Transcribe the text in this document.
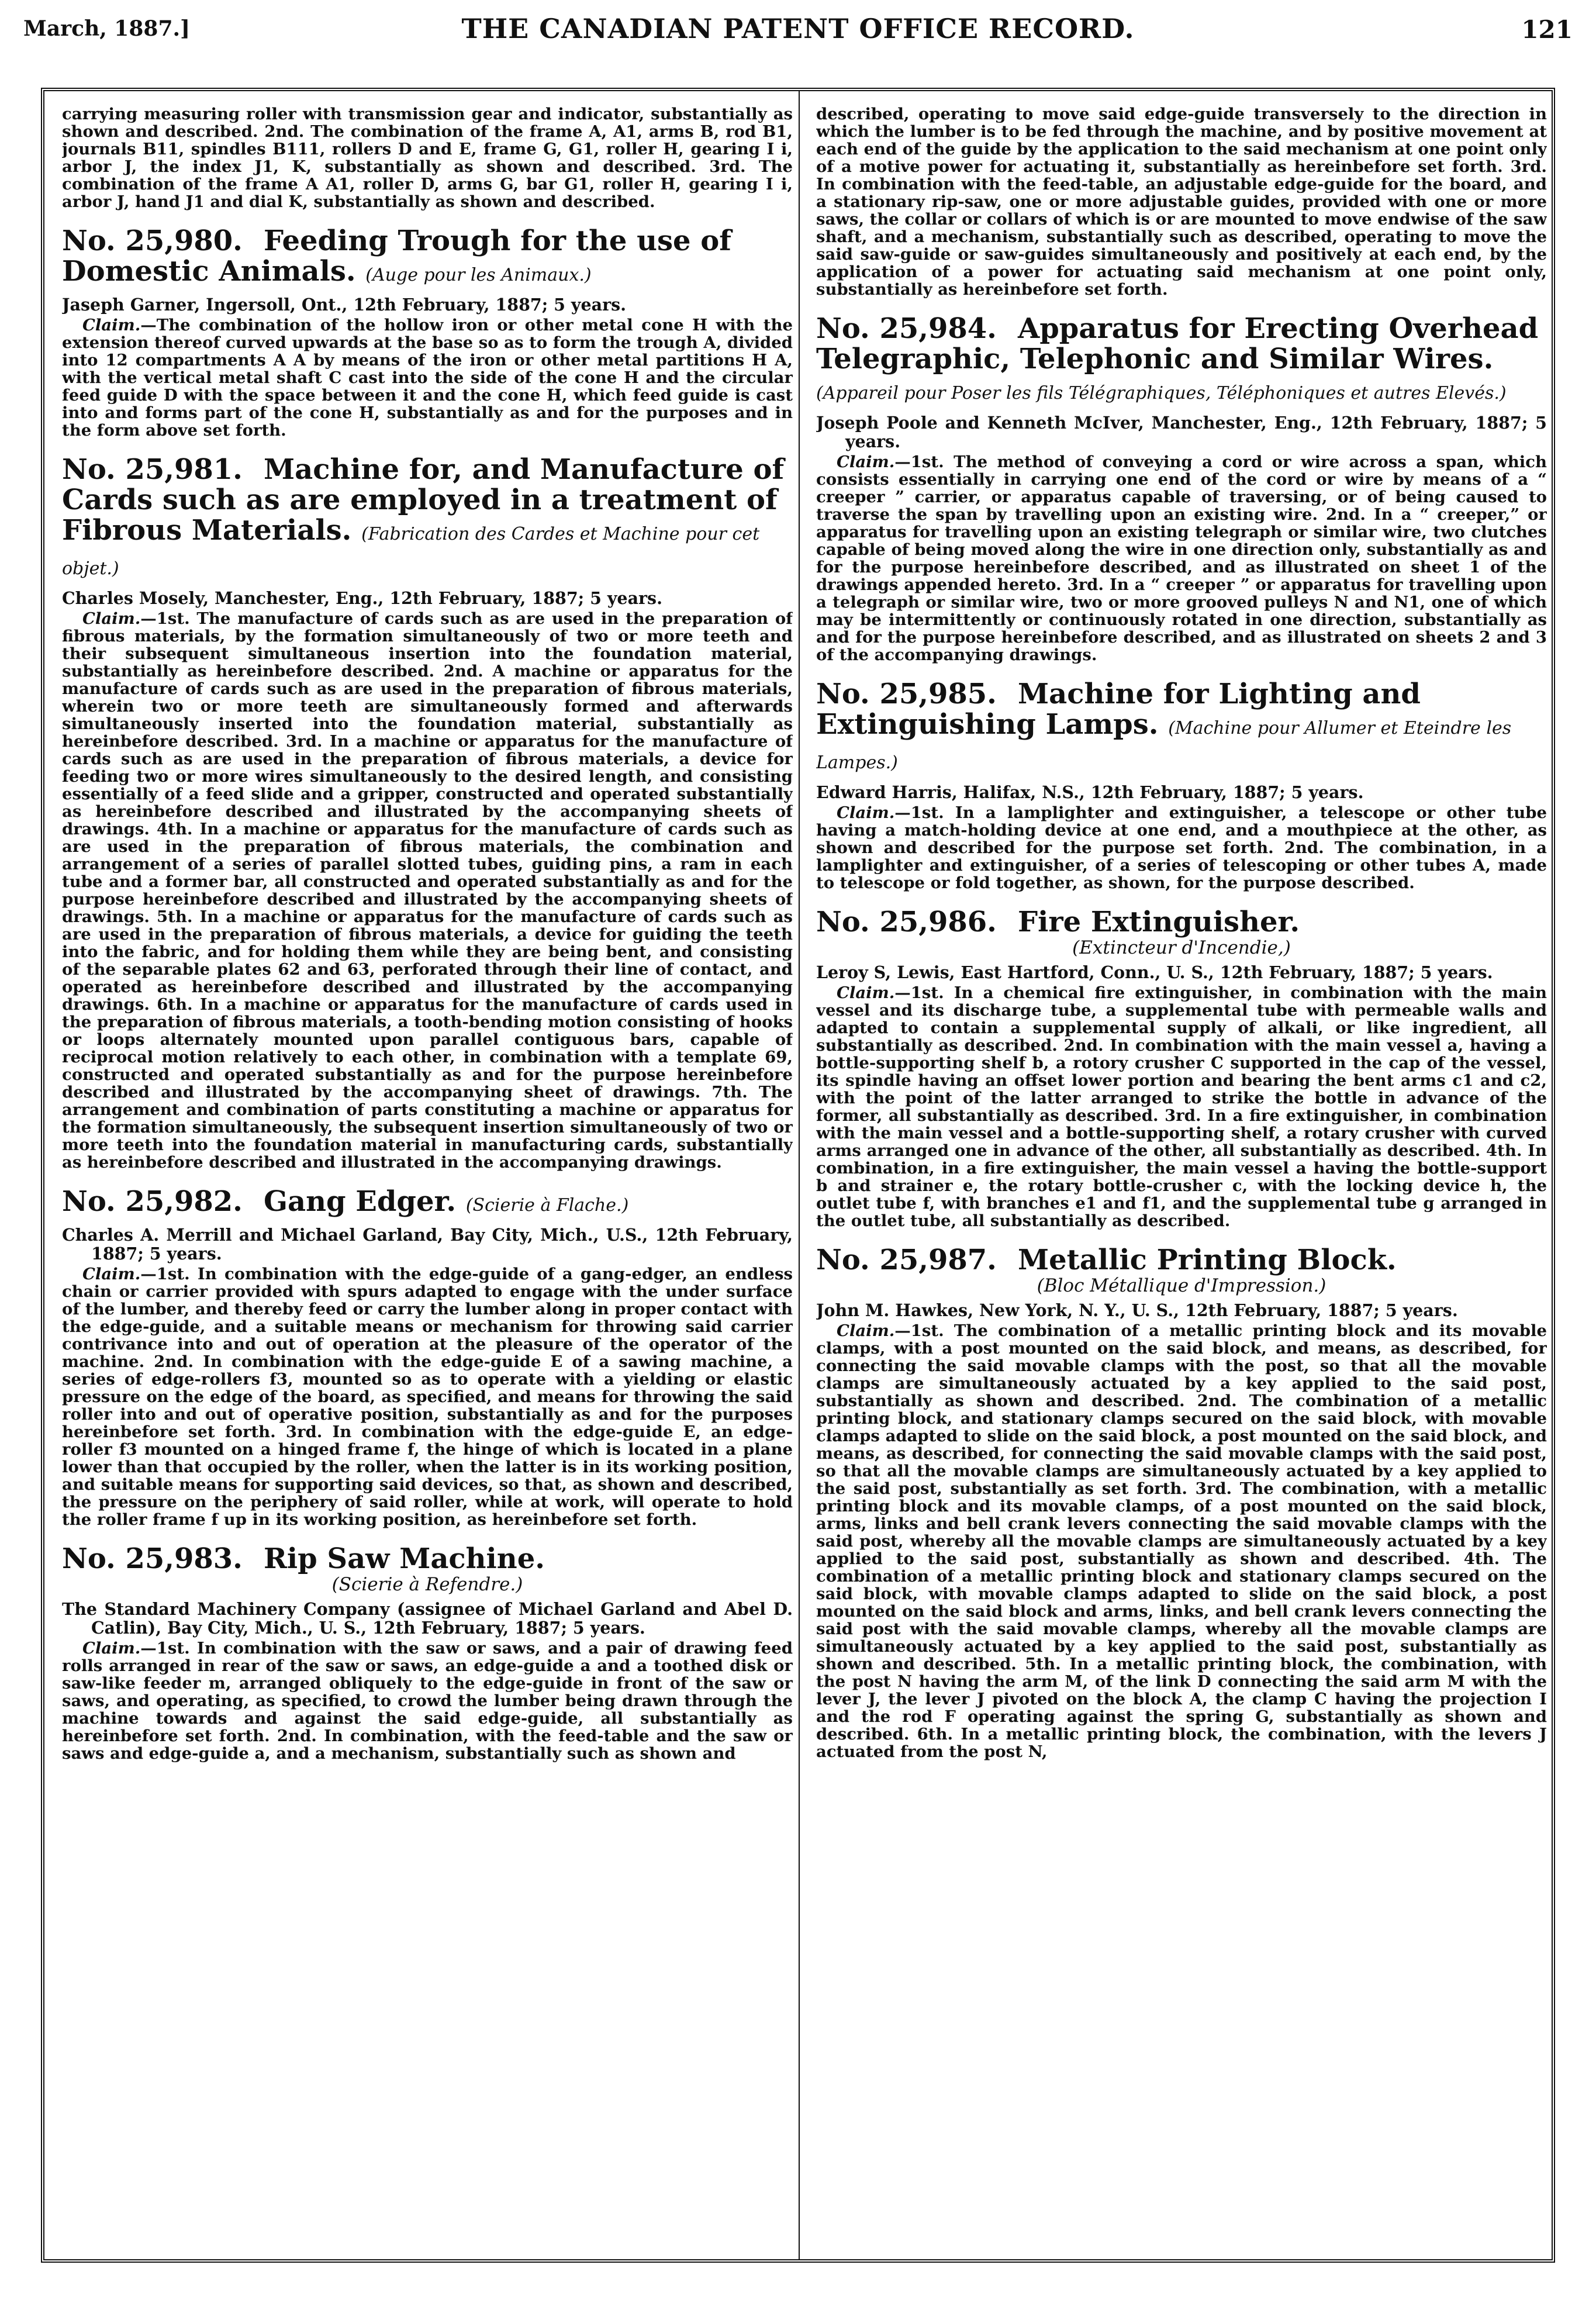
March, 1887.]	THE CANADIAN PATENT OFFICE RECORD.	121

carrying measuring roller with transmission gear and indicator, substantially as shown and described. 2nd. The combination of the frame A, A1, arms B, rod B1, journals B11, spindles B111, rollers D and E, frame G, G1, roller H, gearing I i, arbor J, the index J1, K, substantially as shown and described. 3rd. The combination of the frame A A1, roller D, arms G, bar G1, roller H, gearing I i, arbor J, hand J1 and dial K, substantially as shown and described.

No. 25,980. Feeding Trough for the use of Domestic Animals. (Auge pour les Animaux.)

Jaseph Garner, Ingersoll, Ont., 12th February, 1887; 5 years.

Claim.—The combination of the hollow iron or other metal cone H with the extension thereof curved upwards at the base so as to form the trough A, divided into 12 compartments A A by means of the iron or other metal partitions H A, with the vertical metal shaft C cast into the side of the cone H and the circular feed guide D with the space between it and the cone H, which feed guide is cast into and forms part of the cone H, substantially as and for the purposes and in the form above set forth.

No. 25,981. Machine for, and Manufacture of Cards such as are employed in a treatment of Fibrous Materials. (Fabrication des Cardes et Machine pour cet objet.)

Charles Mosely, Manchester, Eng., 12th February, 1887; 5 years.

Claim.—1st. The manufacture of cards such as are used in the preparation of fibrous materials, by the formation simultaneously of two or more teeth and their subsequent simultaneous insertion into the foundation material, substantially as hereinbefore described. 2nd. A machine or apparatus for the manufacture of cards such as are used in the preparation of fibrous materials, wherein two or more teeth are simultaneously formed and afterwards simultaneously inserted into the foundation material, substantially as hereinbefore described. 3rd. In a machine or apparatus for the manufacture of cards such as are used in the preparation of fibrous materials, a device for feeding two or more wires simultaneously to the desired length, and consisting essentially of a feed slide and a gripper, constructed and operated substantially as hereinbefore described and illustrated by the accompanying sheets of drawings. 4th. In a machine or apparatus for the manufacture of cards such as are used in the preparation of fibrous materials, the combination and arrangement of a series of parallel slotted tubes, guiding pins, a ram in each tube and a former bar, all constructed and operated substantially as and for the purpose hereinbefore described and illustrated by the accompanying sheets of drawings. 5th. In a machine or apparatus for the manufacture of cards such as are used in the preparation of fibrous materials, a device for guiding the teeth into the fabric, and for holding them while they are being bent, and consisting of the separable plates 62 and 63, perforated through their line of contact, and operated as hereinbefore described and illustrated by the accompanying drawings. 6th. In a machine or apparatus for the manufacture of cards used in the preparation of fibrous materials, a tooth-bending motion consisting of hooks or loops alternately mounted upon parallel contiguous bars, capable of reciprocal motion relatively to each other, in combination with a template 69, constructed and operated substantially as and for the purpose hereinbefore described and illustrated by the accompanying sheet of drawings. 7th. The arrangement and combination of parts constituting a machine or apparatus for the formation simultaneously, the subsequent insertion simultaneously of two or more teeth into the foundation material in manufacturing cards, substantially as hereinbefore described and illustrated in the accompanying drawings.

No. 25,982. Gang Edger. (Scierie à Flache.)

Charles A. Merrill and Michael Garland, Bay City, Mich., U.S., 12th February, 1887; 5 years.

Claim.—1st. In combination with the edge-guide of a gang-edger, an endless chain or carrier provided with spurs adapted to engage with the under surface of the lumber, and thereby feed or carry the lumber along in proper contact with the edge-guide, and a suitable means or mechanism for throwing said carrier contrivance into and out of operation at the pleasure of the operator of the machine. 2nd. In combination with the edge-guide E of a sawing machine, a series of edge-rollers f3, mounted so as to operate with a yielding or elastic pressure on the edge of the board, as specified, and means for throwing the said roller into and out of operative position, substantially as and for the purposes hereinbefore set forth. 3rd. In combination with the edge-guide E, an edge-roller f3 mounted on a hinged frame f, the hinge of which is located in a plane lower than that occupied by the roller, when the latter is in its working position, and suitable means for supporting said devices, so that, as shown and described, the pressure on the periphery of said roller, while at work, will operate to hold the roller frame f up in its working position, as hereinbefore set forth.

No. 25,983. Rip Saw Machine.
(Scierie à Refendre.)

The Standard Machinery Company (assignee of Michael Garland and Abel D. Catlin), Bay City, Mich., U. S., 12th February, 1887; 5 years.

Claim.—1st. In combination with the saw or saws, and a pair of drawing feed rolls arranged in rear of the saw or saws, an edge-guide a and a toothed disk or saw-like feeder m, arranged obliquely to the edge-guide in front of the saw or saws, and operating, as specified, to crowd the lumber being drawn through the machine towards and against the said edge-guide, all substantially as hereinbefore set forth. 2nd. In combination, with the feed-table and the saw or saws and edge-guide a, and a mechanism, substantially such as shown and

described, operating to move said edge-guide transversely to the direction in which the lumber is to be fed through the machine, and by positive movement at each end of the guide by the application to the said mechanism at one point only of a motive power for actuating it, substantially as hereinbefore set forth. 3rd. In combination with the feed-table, an adjustable edge-guide for the board, and a stationary rip-saw, one or more adjustable guides, provided with one or more saws, the collar or collars of which is or are mounted to move endwise of the saw shaft, and a mechanism, substantially such as described, operating to move the said saw-guide or saw-guides simultaneously and positively at each end, by the application of a power for actuating said mechanism at one point only, substantially as hereinbefore set forth.

No. 25,984. Apparatus for Erecting Overhead Telegraphic, Telephonic and Similar Wires. (Appareil pour Poser les fils Télégraphiques, Téléphoniques et autres Elevés.)

Joseph Poole and Kenneth McIver, Manchester, Eng., 12th February, 1887; 5 years.

Claim.—1st. The method of conveying a cord or wire across a span, which consists essentially in carrying one end of the cord or wire by means of a “ creeper ” carrier, or apparatus capable of traversing, or of being caused to traverse the span by travelling upon an existing wire. 2nd. In a “ creeper,” or apparatus for travelling upon an existing telegraph or similar wire, two clutches capable of being moved along the wire in one direction only, substantially as and for the purpose hereinbefore described, and as illustrated on sheet 1 of the drawings appended hereto. 3rd. In a “ creeper ” or apparatus for travelling upon a telegraph or similar wire, two or more grooved pulleys N and N1, one of which may be intermittently or continuously rotated in one direction, substantially as and for the purpose hereinbefore described, and as illustrated on sheets 2 and 3 of the accompanying drawings.

No. 25,985. Machine for Lighting and Extinguishing Lamps. (Machine pour Allumer et Eteindre les Lampes.)

Edward Harris, Halifax, N.S., 12th February, 1887; 5 years.

Claim.—1st. In a lamplighter and extinguisher, a telescope or other tube having a match-holding device at one end, and a mouthpiece at the other, as shown and described for the purpose set forth. 2nd. The combination, in a lamplighter and extinguisher, of a series of telescoping or other tubes A, made to telescope or fold together, as shown, for the purpose described.

No. 25,986. Fire Extinguisher.
(Extincteur d'Incendie,)

Leroy S, Lewis, East Hartford, Conn., U. S., 12th February, 1887; 5 years.

Claim.—1st. In a chemical fire extinguisher, in combination with the main vessel and its discharge tube, a supplemental tube with permeable walls and adapted to contain a supplemental supply of alkali, or like ingredient, all substantially as described. 2nd. In combination with the main vessel a, having a bottle-supporting shelf b, a rotory crusher C supported in the cap of the vessel, its spindle having an offset lower portion and bearing the bent arms c1 and c2, with the point of the latter arranged to strike the bottle in advance of the former, all substantially as described. 3rd. In a fire extinguisher, in combination with the main vessel and a bottle-supporting shelf, a rotary crusher with curved arms arranged one in advance of the other, all substantially as described. 4th. In combination, in a fire extinguisher, the main vessel a having the bottle-support b and strainer e, the rotary bottle-crusher c, with the locking device h, the outlet tube f, with branches e1 and f1, and the supplemental tube g arranged in the outlet tube, all substantially as described.

No. 25,987. Metallic Printing Block.
(Bloc Métallique d'Impression.)

John M. Hawkes, New York, N. Y., U. S., 12th February, 1887; 5 years.

Claim.—1st. The combination of a metallic printing block and its movable clamps, with a post mounted on the said block, and means, as described, for connecting the said movable clamps with the post, so that all the movable clamps are simultaneously actuated by a key applied to the said post, substantially as shown and described. 2nd. The combination of a metallic printing block, and stationary clamps secured on the said block, with movable clamps adapted to slide on the said block, a post mounted on the said block, and means, as described, for connecting the said movable clamps with the said post, so that all the movable clamps are simultaneously actuated by a key applied to the said post, substantially as set forth. 3rd. The combination, with a metallic printing block and its movable clamps, of a post mounted on the said block, arms, links and bell crank levers connecting the said movable clamps with the said post, whereby all the movable clamps are simultaneously actuated by a key applied to the said post, substantially as shown and described. 4th. The combination of a metallic printing block and stationary clamps secured on the said block, with movable clamps adapted to slide on the said block, a post mounted on the said block and arms, links, and bell crank levers connecting the said post with the said movable clamps, whereby all the movable clamps are simultaneously actuated by a key applied to the said post, substantially as shown and described. 5th. In a metallic printing block, the combination, with the post N having the arm M, of the link D connecting the said arm M with the lever J, the lever J pivoted on the block A, the clamp C having the projection I and the rod F operating against the spring G, substantially as shown and described. 6th. In a metallic printing block, the combination, with the levers J actuated from the post N,
